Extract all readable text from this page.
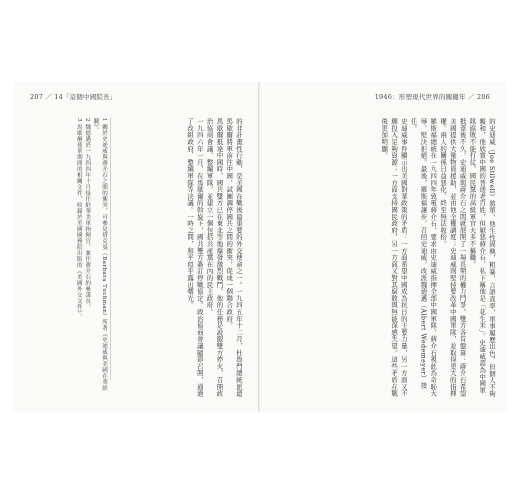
207 ／ 14「這個中國院長」	1946：形塑現代世界的關鍵年 ／ 206

的史迪威（Joe Stilwell）將軍，他生性固執，粗暴，言語直率，軍事履歷出色，但個人不夠親和，他欣賞中國的普通老百姓，但厭惡蔣介石，私下稱他是「花生米」。史迪威認為中國軍隊腐敗不能打仗，國民黨的高級軍官大多不稱職。

抵華後不久，史迪威與蔣介石之間就展開了一場長期的權力鬥爭。雙方各有盤算：蔣介石希望美國提供大量物資援助，並由他全權調度；史迪威則堅持要改革中國軍隊，並取得更大的指揮權。兩人的關係日益惡化，終至無法收拾。

羅斯福總統在一九四四年致電蔣介石，要求由史迪威指揮全部中國軍隊，蔣介石視此為奇恥大辱，堅決拒絕。最後，羅斯福讓步，召回史迪威，改派魏德邁（Albert Wedemeyer）接任。

史迪威事件顯示出美國對華政策的矛盾：一方面希望中國成為抗日的主要力量，另一方面又不願投入足夠資源；一方面支持國民政府，另一方面又對其腐敗與無能深感失望。這些矛盾在戰後更加明顯。

的非計畫性行動，是美國在戰後最重要的外交使命之一。一九四五年十二月，杜魯門總統派遣馬歇爾將軍前往中國，試圖調停國共之間的衝突，促成一個聯合政府。

馬歇爾抵達中國時，國共雙方已在東北等地爆發激烈戰鬥。他的任務是說服雙方停火，召開政治協商會議，整編軍隊，並建立一個包括共產黨在內的民主政府。

一九四六年一月，在馬歇爾的斡旋下，國共雙方簽訂停戰協定。政治協商會議隨即召開，通過了改組政府、整編軍隊等決議。一時之間，和平似乎露出曙光。

1 關於史迪威與蔣介石之間的衝突，可參見塔克曼（Barbara Tuchman）所著《史迪威與美國在華經驗》。

2 魏德邁於一九四四年十月接任駐華美軍指揮官，兼任蔣介石的參謀長。

3 馬歇爾使華期間的相關文件，收錄於美國國務院出版的《美國外交文件》。
